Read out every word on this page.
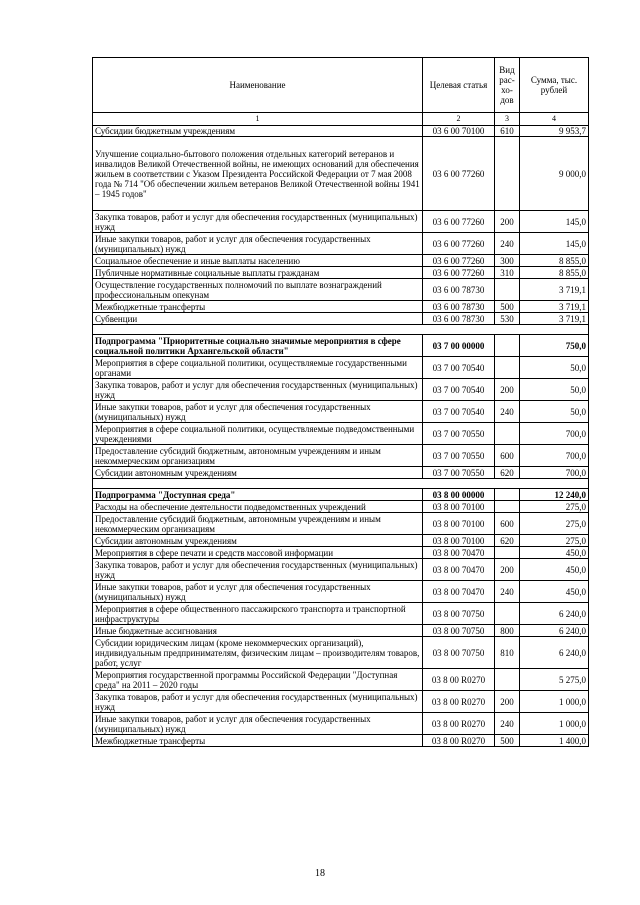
Наименование	Целевая статья	Вид рас-хо-дов	Сумма, тыс. рублей
1	2	3	4
Субсидии бюджетным учреждениям	03 6 00 70100	610	9 953,7
Улучшение социально-бытового положения отдельных категорий ветеранов и инвалидов Великой Отечественной войны, не имеющих оснований для обеспечения жильем в соответствии с Указом Президента Российской Федерации от 7 мая 2008 года № 714 "Об обеспечении жильем ветеранов Великой Отечественной войны 1941 – 1945 годов"	03 6 00 77260		9 000,0
Закупка товаров, работ и услуг для обеспечения государственных (муниципальных) нужд	03 6 00 77260	200	145,0
Иные закупки товаров, работ и услуг для обеспечения государственных (муниципальных) нужд	03 6 00 77260	240	145,0
Социальное обеспечение и иные выплаты населению	03 6 00 77260	300	8 855,0
Публичные нормативные социальные выплаты гражданам	03 6 00 77260	310	8 855,0
Осуществление государственных полномочий по выплате вознаграждений профессиональным опекунам	03 6 00 78730		3 719,1
Межбюджетные трансферты	03 6 00 78730	500	3 719,1
Субвенции	03 6 00 78730	530	3 719,1

Подпрограмма "Приоритетные социально значимые мероприятия в сфере социальной политики Архангельской области"	03 7 00 00000		750,0
Мероприятия в сфере социальной политики, осуществляемые государственными органами	03 7 00 70540		50,0
Закупка товаров, работ и услуг для обеспечения государственных (муниципальных) нужд	03 7 00 70540	200	50,0
Иные закупки товаров, работ и услуг для обеспечения государственных (муниципальных) нужд	03 7 00 70540	240	50,0
Мероприятия в сфере социальной политики, осуществляемые подведомственными учреждениями	03 7 00 70550		700,0
Предоставление субсидий бюджетным, автономным учреждениям и иным некоммерческим организациям	03 7 00 70550	600	700,0
Субсидии автономным учреждениям	03 7 00 70550	620	700,0

Подпрограмма "Доступная среда"	03 8 00 00000		12 240,0
Расходы на обеспечение деятельности подведомственных учреждений	03 8 00 70100		275,0
Предоставление субсидий бюджетным, автономным учреждениям и иным некоммерческим организациям	03 8 00 70100	600	275,0
Субсидии автономным учреждениям	03 8 00 70100	620	275,0
Мероприятия в сфере печати и средств массовой информации	03 8 00 70470		450,0
Закупка товаров, работ и услуг для обеспечения государственных (муниципальных) нужд	03 8 00 70470	200	450,0
Иные закупки товаров, работ и услуг для обеспечения государственных (муниципальных) нужд	03 8 00 70470	240	450,0
Мероприятия в сфере общественного пассажирского транспорта и транспортной инфраструктуры	03 8 00 70750		6 240,0
Иные бюджетные ассигнования	03 8 00 70750	800	6 240,0
Субсидии юридическим лицам (кроме некоммерческих организаций), индивидуальным предпринимателям, физическим лицам – производителям товаров, работ, услуг	03 8 00 70750	810	6 240,0
Мероприятия государственной программы Российской Федерации "Доступная среда" на 2011 – 2020 годы	03 8 00 R0270		5 275,0
Закупка товаров, работ и услуг для обеспечения государственных (муниципальных) нужд	03 8 00 R0270	200	1 000,0
Иные закупки товаров, работ и услуг для обеспечения государственных (муниципальных) нужд	03 8 00 R0270	240	1 000,0
Межбюджетные трансферты	03 8 00 R0270	500	1 400,0
18
